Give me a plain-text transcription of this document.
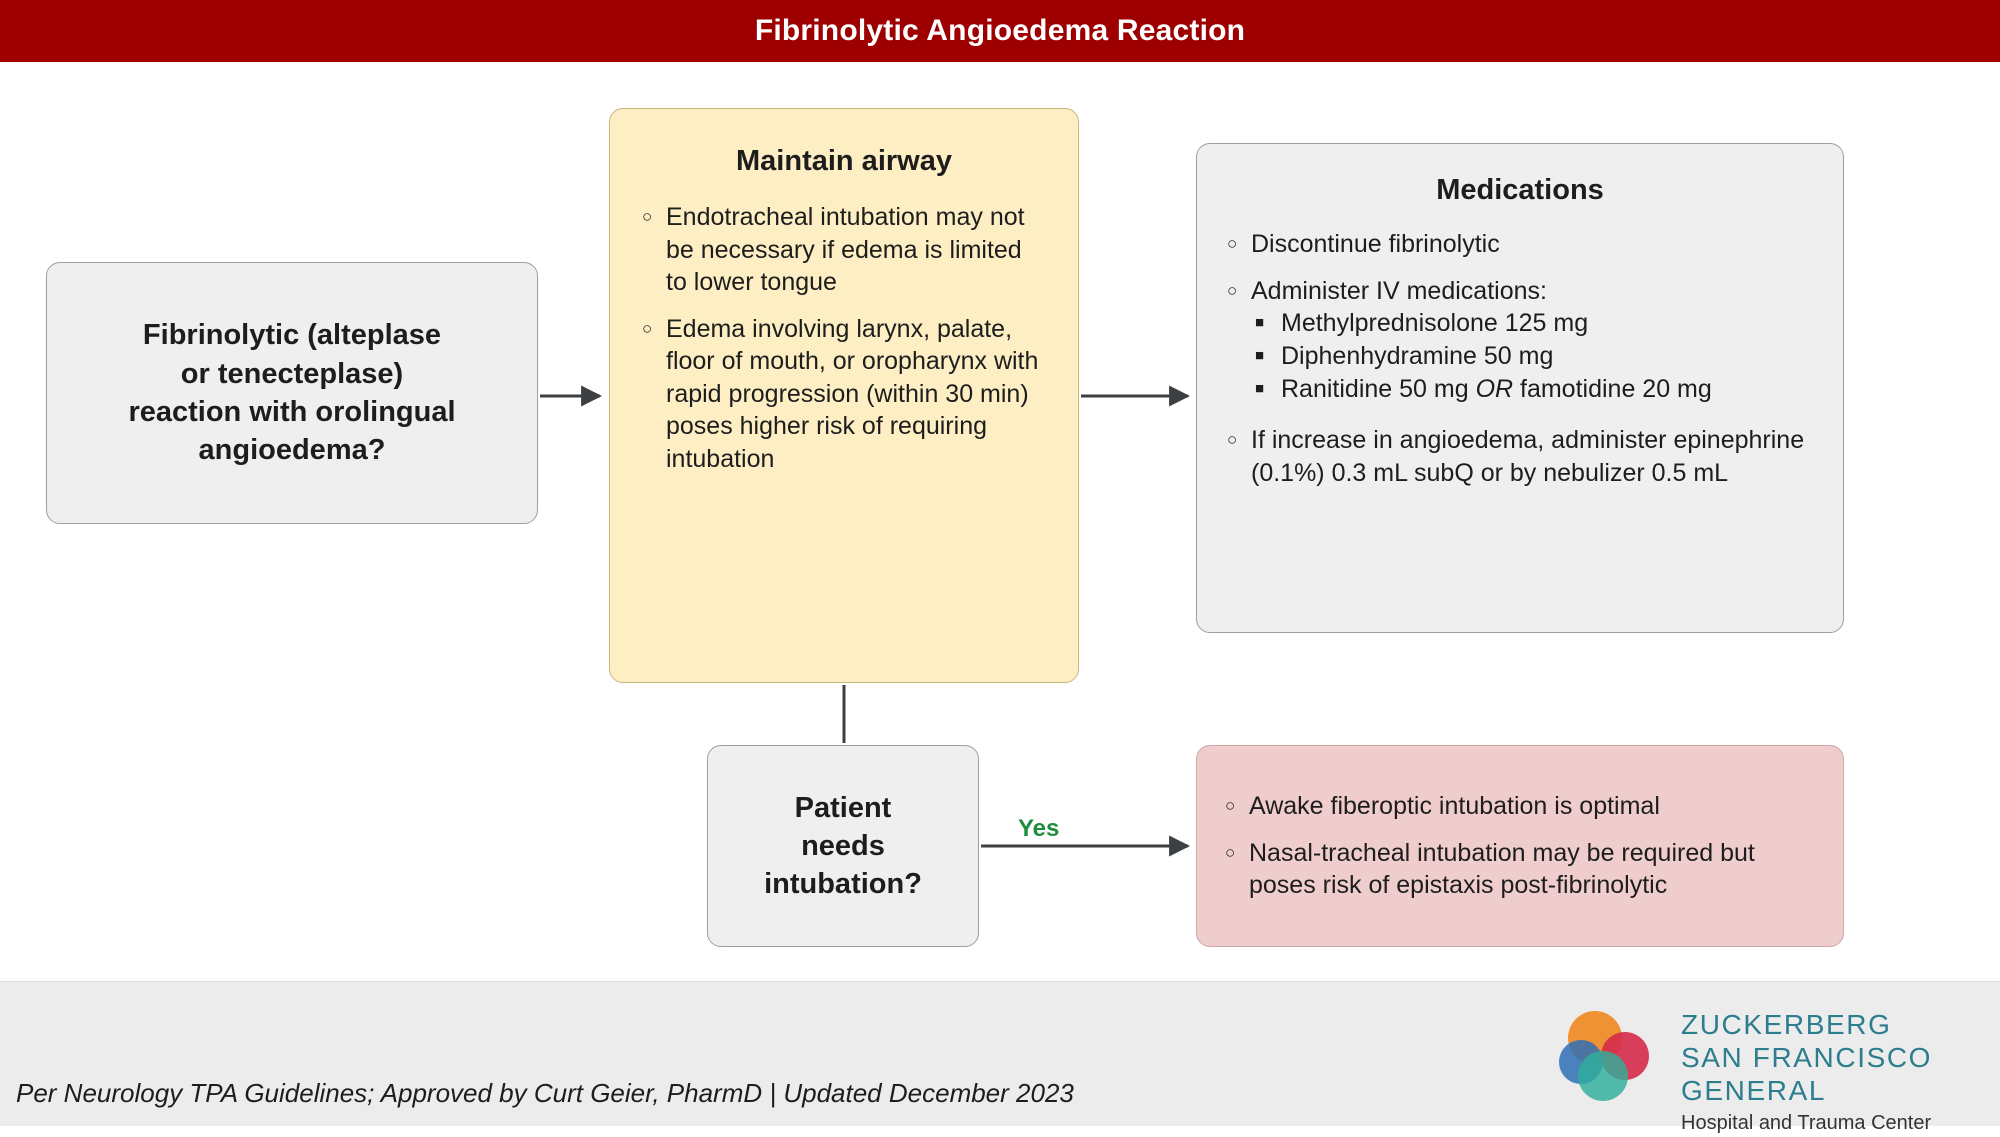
Fibrinolytic Angioedema Reaction
Yes
Fibrinolytic (alteplase
or tenecteplase)
reaction with orolingual
angioedema?
Maintain airway
○ Endotracheal intubation may not be necessary if edema is limited to lower tongue
○ Edema involving larynx, palate, floor of mouth, or oropharynx with rapid progression (within 30 min) poses higher risk of requiring intubation
Medications
○ Discontinue fibrinolytic
○ Administer IV medications:
■ Methylprednisolone 125 mg
■ Diphenhydramine 50 mg
■ Ranitidine 50 mg OR famotidine 20 mg
○ If increase in angioedema, administer epinephrine (0.1%) 0.3 mL subQ or by nebulizer 0.5 mL
Patient
needs
intubation?
○ Awake fiberoptic intubation is optimal
○ Nasal-tracheal intubation may be required but poses risk of epistaxis post-fibrinolytic
Per Neurology TPA Guidelines; Approved by Curt Geier, PharmD | Updated December 2023
ZUCKERBERG
SAN FRANCISCO GENERAL
Hospital and Trauma Center
